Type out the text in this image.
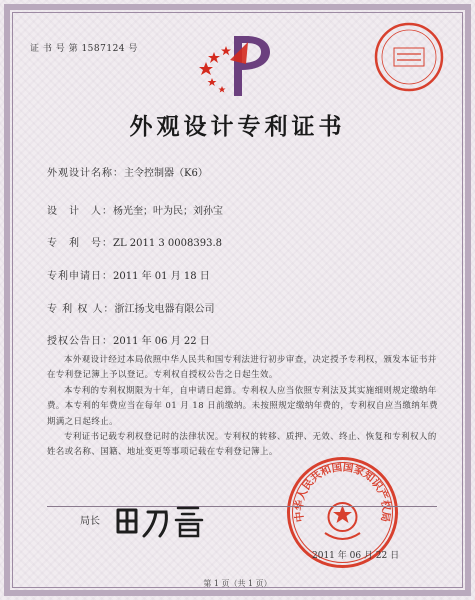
证 书 号 第 1587124 号
外观设计专利证书
外观设计名称：主令控制器（K6）
设　计　人：杨光奎；叶为民；刘孙宝
专　利　号：ZL 2011 3 0008393.8
专利申请日：2011 年 01 月 18 日
专 利 权 人：浙江扬戈电器有限公司
授权公告日：2011 年 06 月 22 日
本外观设计经过本局依照中华人民共和国专利法进行初步审查，决定授予专利权，颁发本证书并在专利登记簿上予以登记。专利权自授权公告之日起生效。
本专利的专利权期限为十年，自申请日起算。专利权人应当依照专利法及其实施细则规定缴纳年费。本专利的年费应当在每年 01 月 18 日前缴纳。未按照规定缴纳年费的，专利权自应当缴纳年费期满之日起终止。
专利证书记载专利权登记时的法律状况。专利权的转移、质押、无效、终止、恢复和专利权人的姓名或名称、国籍、地址变更等事项记载在专利登记簿上。
中华人民共和国国家知识产权局
局长
2011 年 06 月 22 日
第 1 页（共 1 页）
